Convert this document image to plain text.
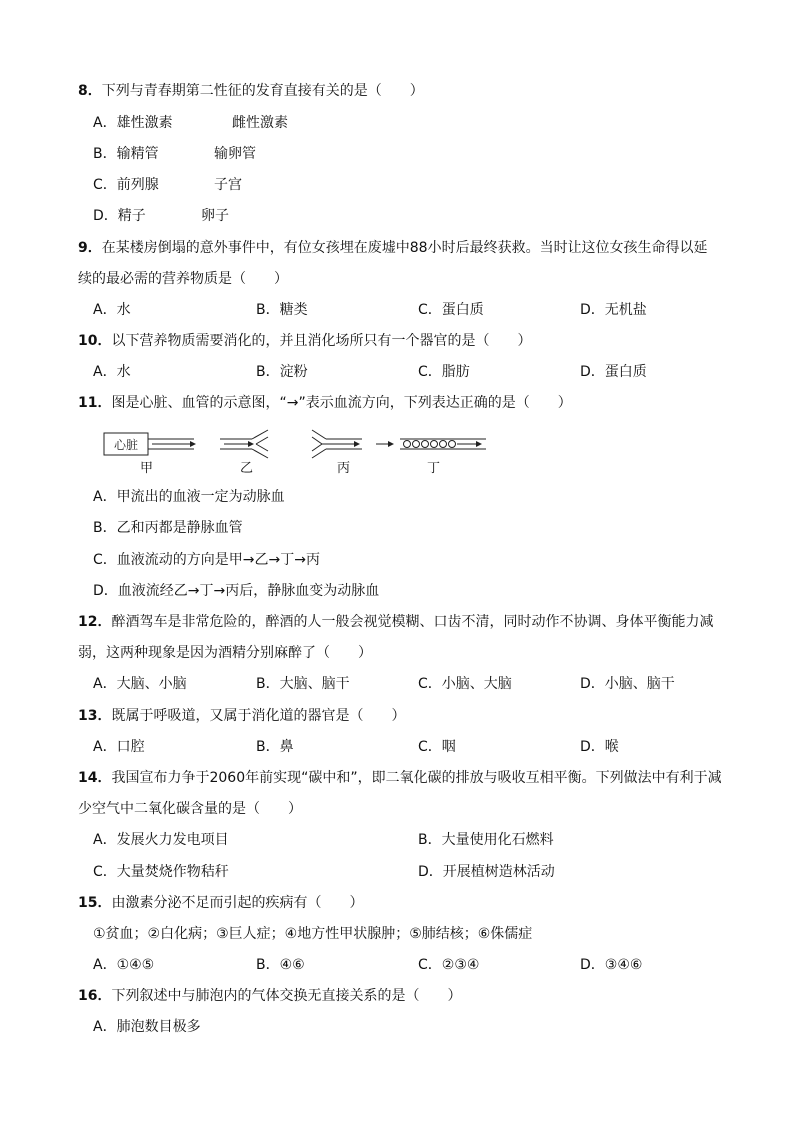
8．下列与青春期第二性征的发育直接有关的是（　　）
A．雄性激素	雌性激素
B．输精管	输卵管
C．前列腺	子宫
D．精子	卵子
9．在某楼房倒塌的意外事件中，有位女孩埋在废墟中88小时后最终获救。当时让这位女孩生命得以延
续的最必需的营养物质是（　　）
A．水	B．糖类	C．蛋白质	D．无机盐
10．以下营养物质需要消化的，并且消化场所只有一个器官的是（　　）
A．水	B．淀粉	C．脂肪	D．蛋白质
11．图是心脏、血管的示意图，“→”表示血流方向，下列表达正确的是（　　）
心脏
甲	乙	丙	丁
A．甲流出的血液一定为动脉血
B．乙和丙都是静脉血管
C．血液流动的方向是甲→乙→丁→丙
D．血液流经乙→丁→丙后，静脉血变为动脉血
12．醉酒驾车是非常危险的，醉酒的人一般会视觉模糊、口齿不清，同时动作不协调、身体平衡能力减
弱，这两种现象是因为酒精分别麻醉了（　　）
A．大脑、小脑	B．大脑、脑干	C．小脑、大脑	D．小脑、脑干
13．既属于呼吸道，又属于消化道的器官是（　　）
A．口腔	B．鼻	C．咽	D．喉
14．我国宣布力争于2060年前实现“碳中和”，即二氧化碳的排放与吸收互相平衡。下列做法中有利于减
少空气中二氧化碳含量的是（　　）
A．发展火力发电项目	B．大量使用化石燃料
C．大量焚烧作物秸秆	D．开展植树造林活动
15．由激素分泌不足而引起的疾病有（　　）
①贫血；②白化病；③巨人症；④地方性甲状腺肿；⑤肺结核；⑥侏儒症
A．①④⑤	B．④⑥	C．②③④	D．③④⑥
16．下列叙述中与肺泡内的气体交换无直接关系的是（　　）
A．肺泡数目极多
